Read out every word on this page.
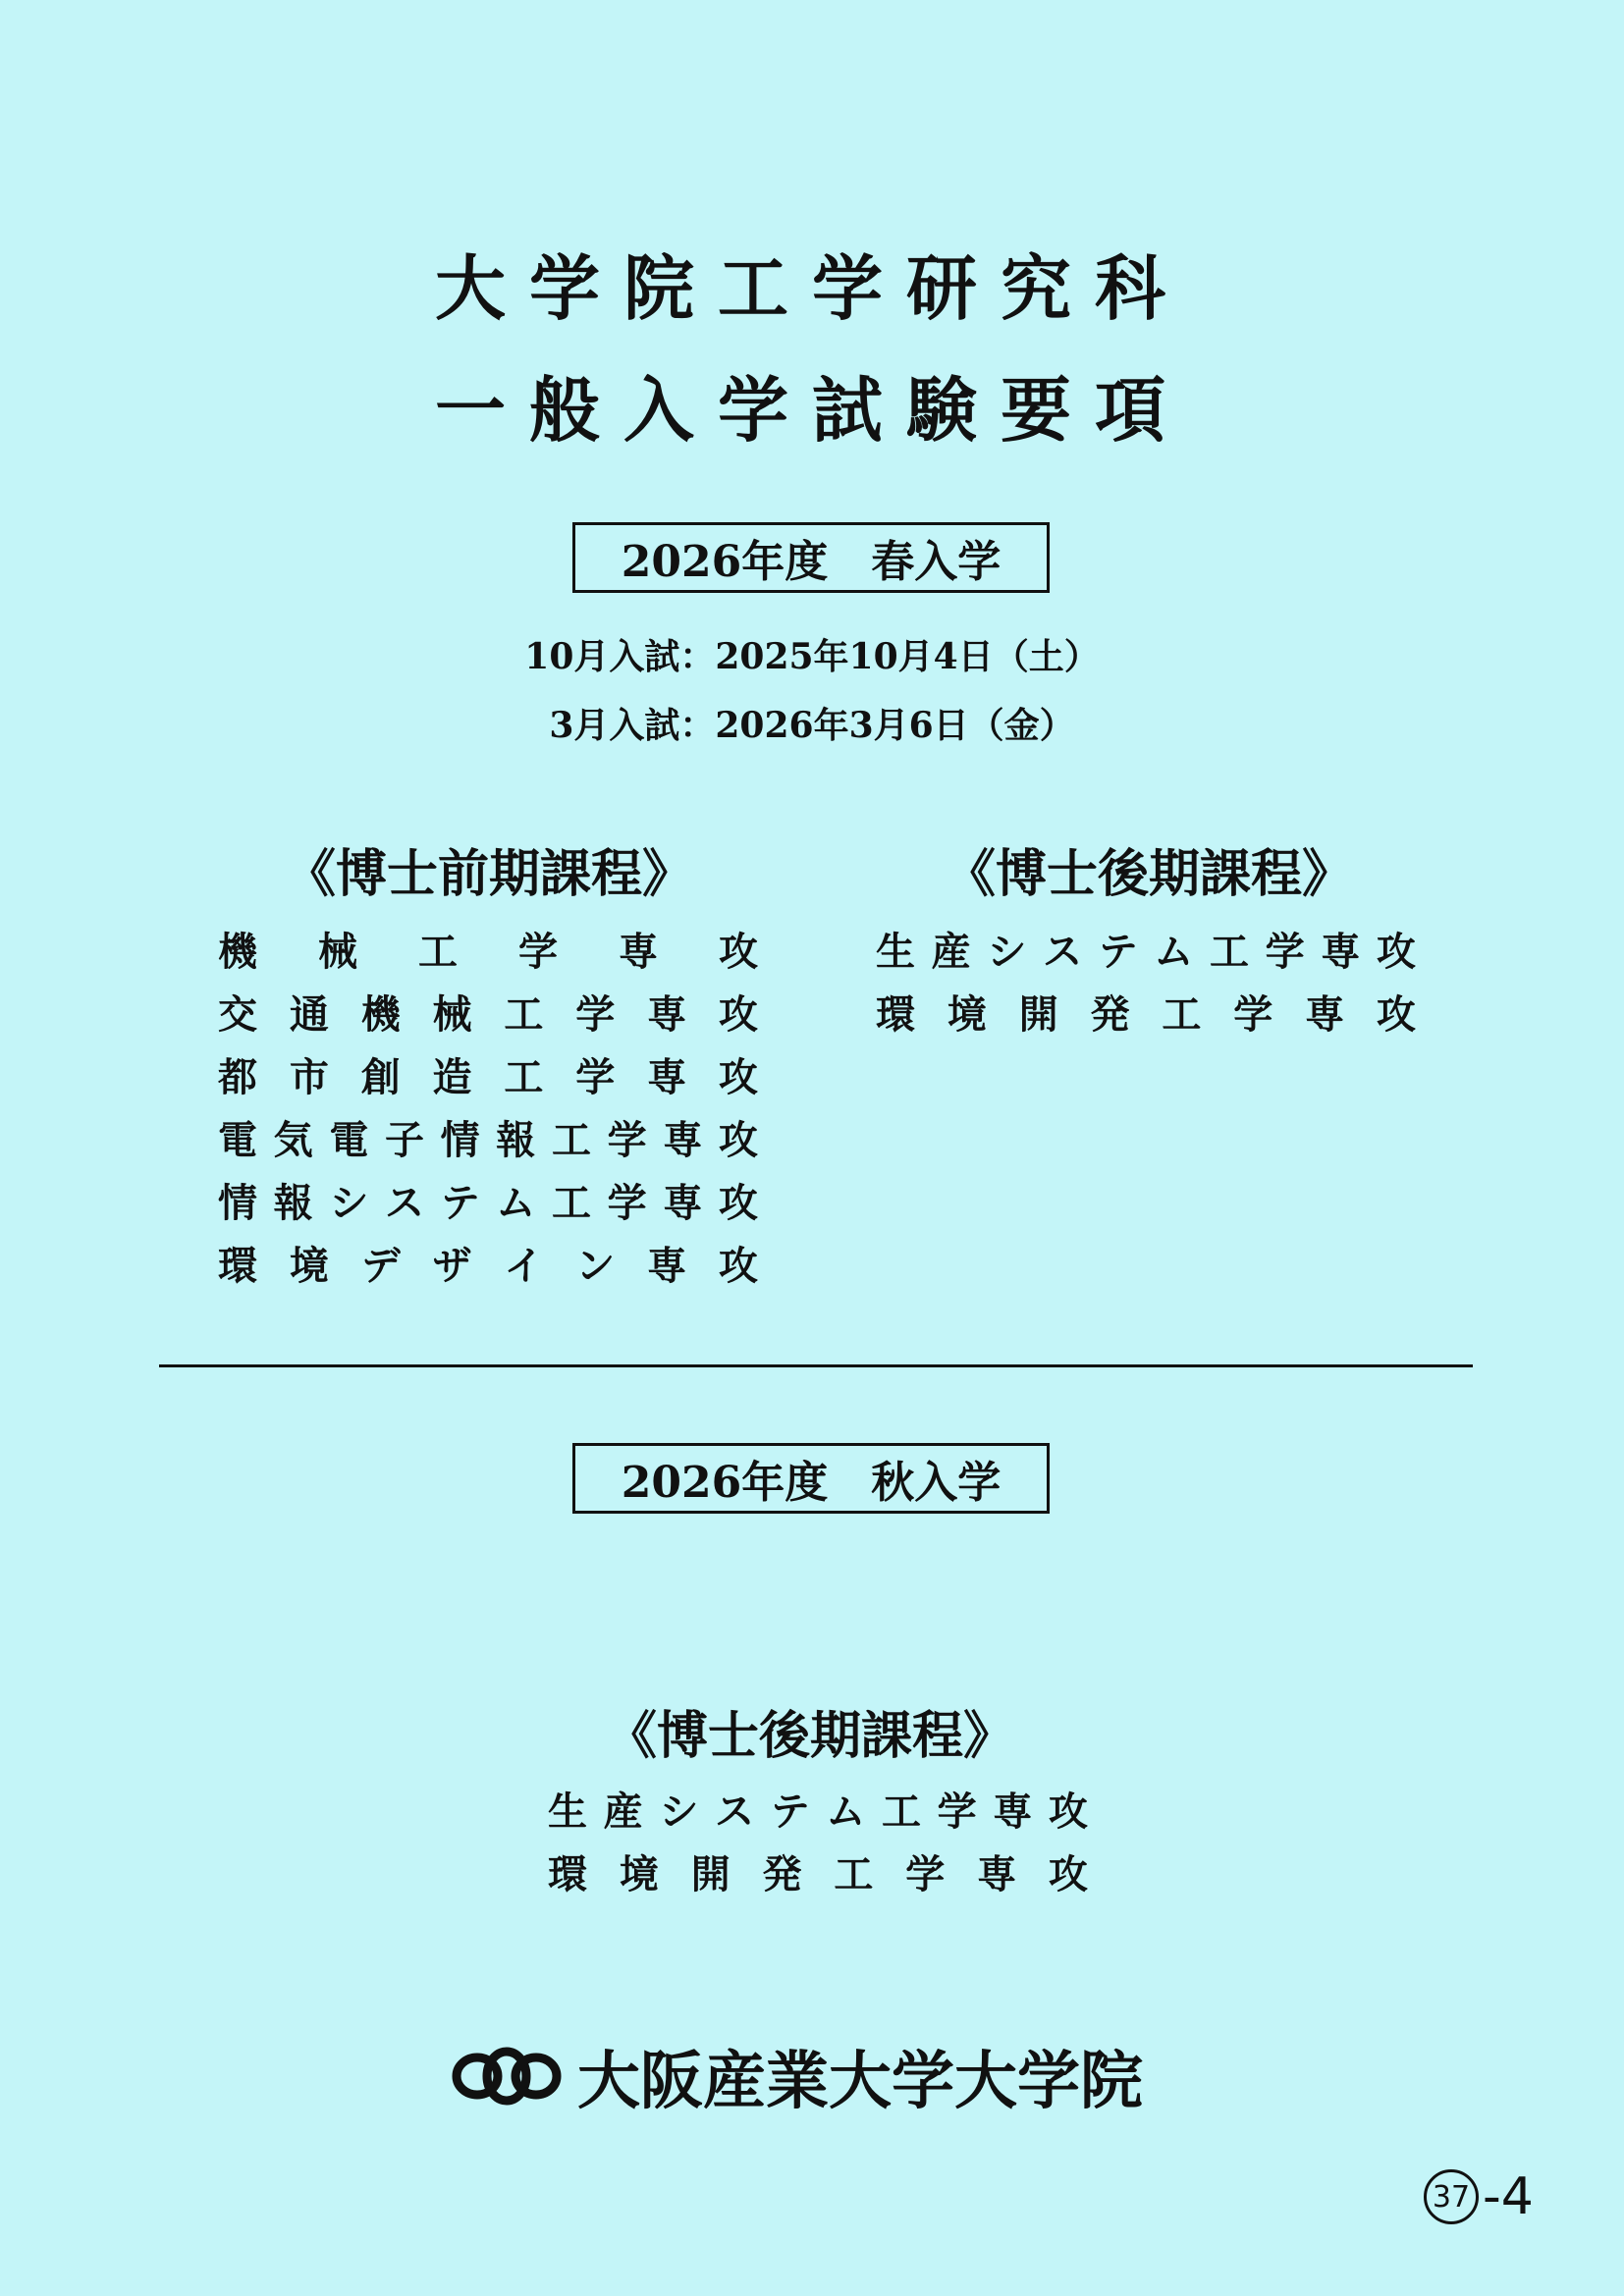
大学院工学研究科
一般入学試験要項
2026年度　春入学
10月入試：2025年10月4日（土）
3月入試：2026年3月6日（金）
《博士前期課程》	《博士後期課程》
機 械 工 学 専 攻
交 通 機 械 工 学 専 攻
都 市 創 造 工 学 専 攻
電 気 電 子 情 報 工 学 専 攻
情 報 シ ス テ ム 工 学 専 攻
環 境 デ ザ イ ン 専 攻
生 産 シ ス テ ム 工 学 専 攻
環 境 開 発 工 学 専 攻
2026年度　秋入学
《博士後期課程》
生 産 シ ス テ ム 工 学 専 攻
環 境 開 発 工 学 専 攻
大阪産業大学大学院
37 -4
